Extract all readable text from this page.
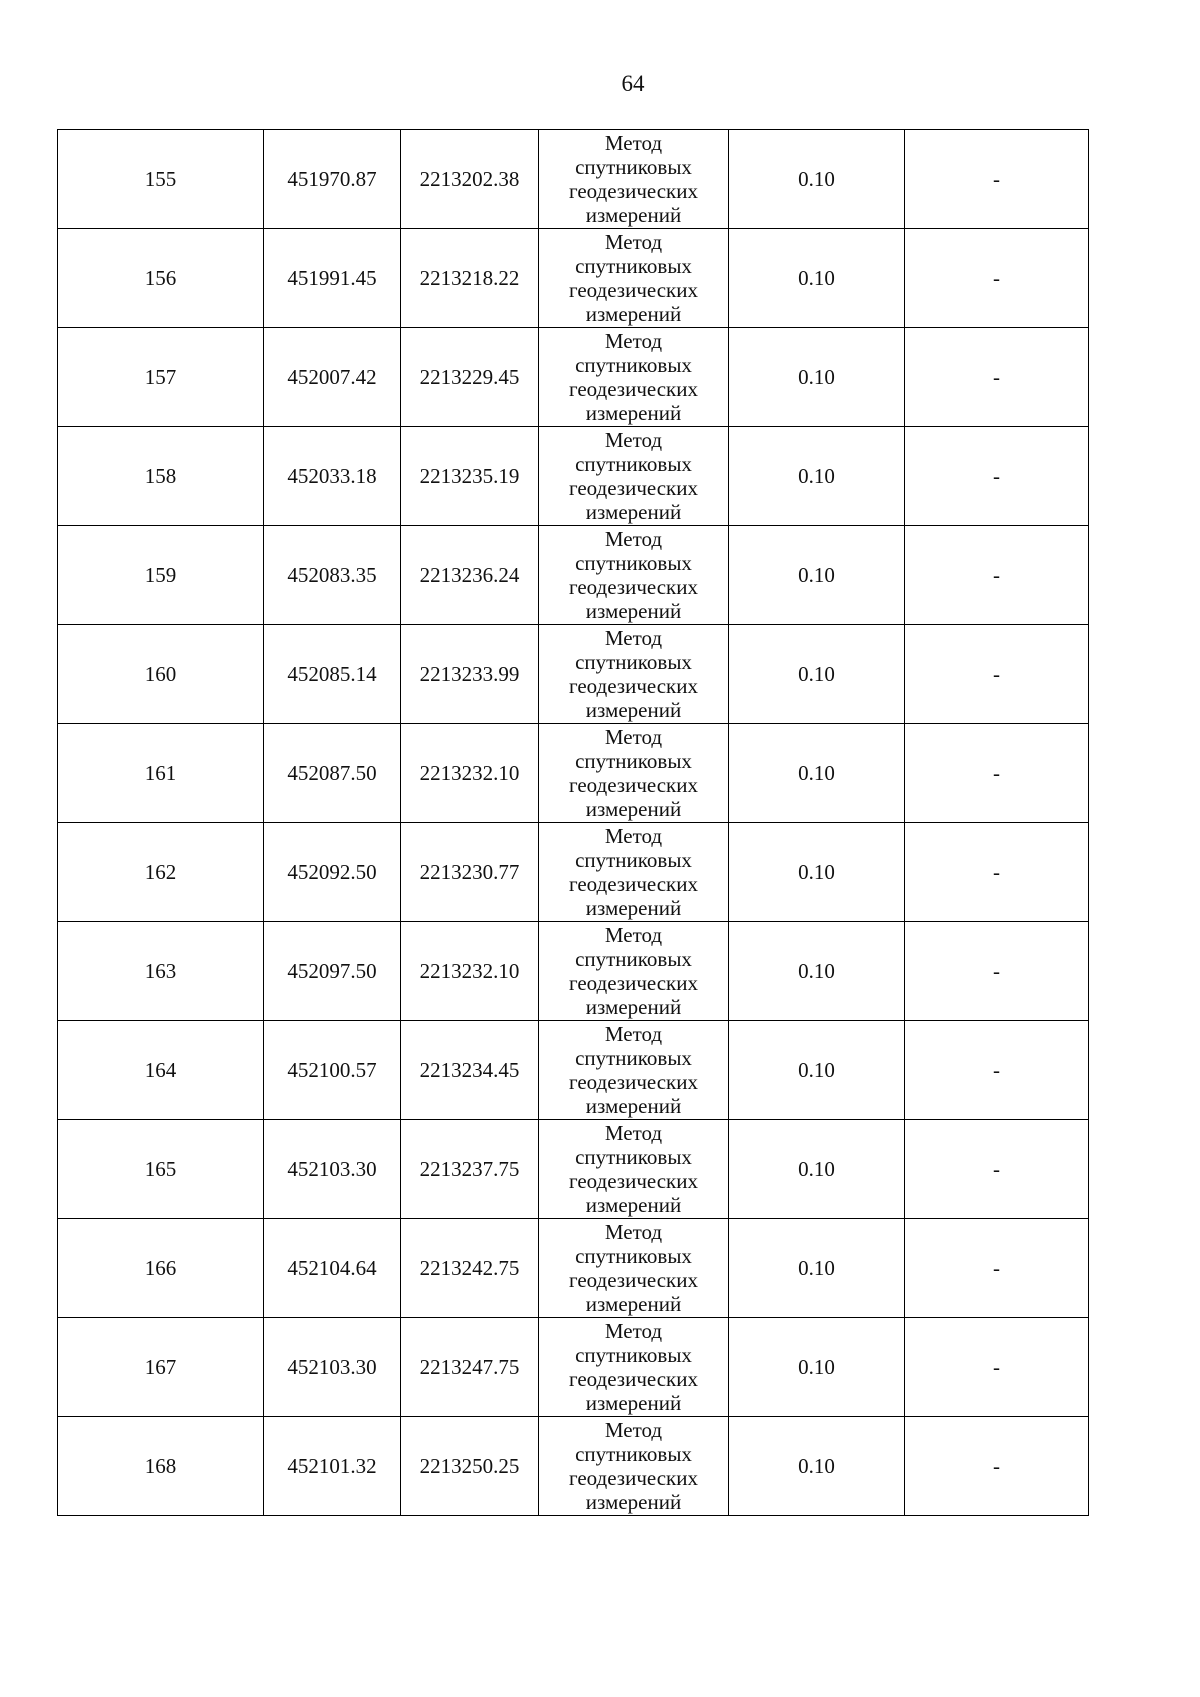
64
155	451970.87	2213202.38	Метод спутниковых геодезических измерений	0.10	-
156	451991.45	2213218.22	Метод спутниковых геодезических измерений	0.10	-
157	452007.42	2213229.45	Метод спутниковых геодезических измерений	0.10	-
158	452033.18	2213235.19	Метод спутниковых геодезических измерений	0.10	-
159	452083.35	2213236.24	Метод спутниковых геодезических измерений	0.10	-
160	452085.14	2213233.99	Метод спутниковых геодезических измерений	0.10	-
161	452087.50	2213232.10	Метод спутниковых геодезических измерений	0.10	-
162	452092.50	2213230.77	Метод спутниковых геодезических измерений	0.10	-
163	452097.50	2213232.10	Метод спутниковых геодезических измерений	0.10	-
164	452100.57	2213234.45	Метод спутниковых геодезических измерений	0.10	-
165	452103.30	2213237.75	Метод спутниковых геодезических измерений	0.10	-
166	452104.64	2213242.75	Метод спутниковых геодезических измерений	0.10	-
167	452103.30	2213247.75	Метод спутниковых геодезических измерений	0.10	-
168	452101.32	2213250.25	Метод спутниковых геодезических измерений	0.10	-
